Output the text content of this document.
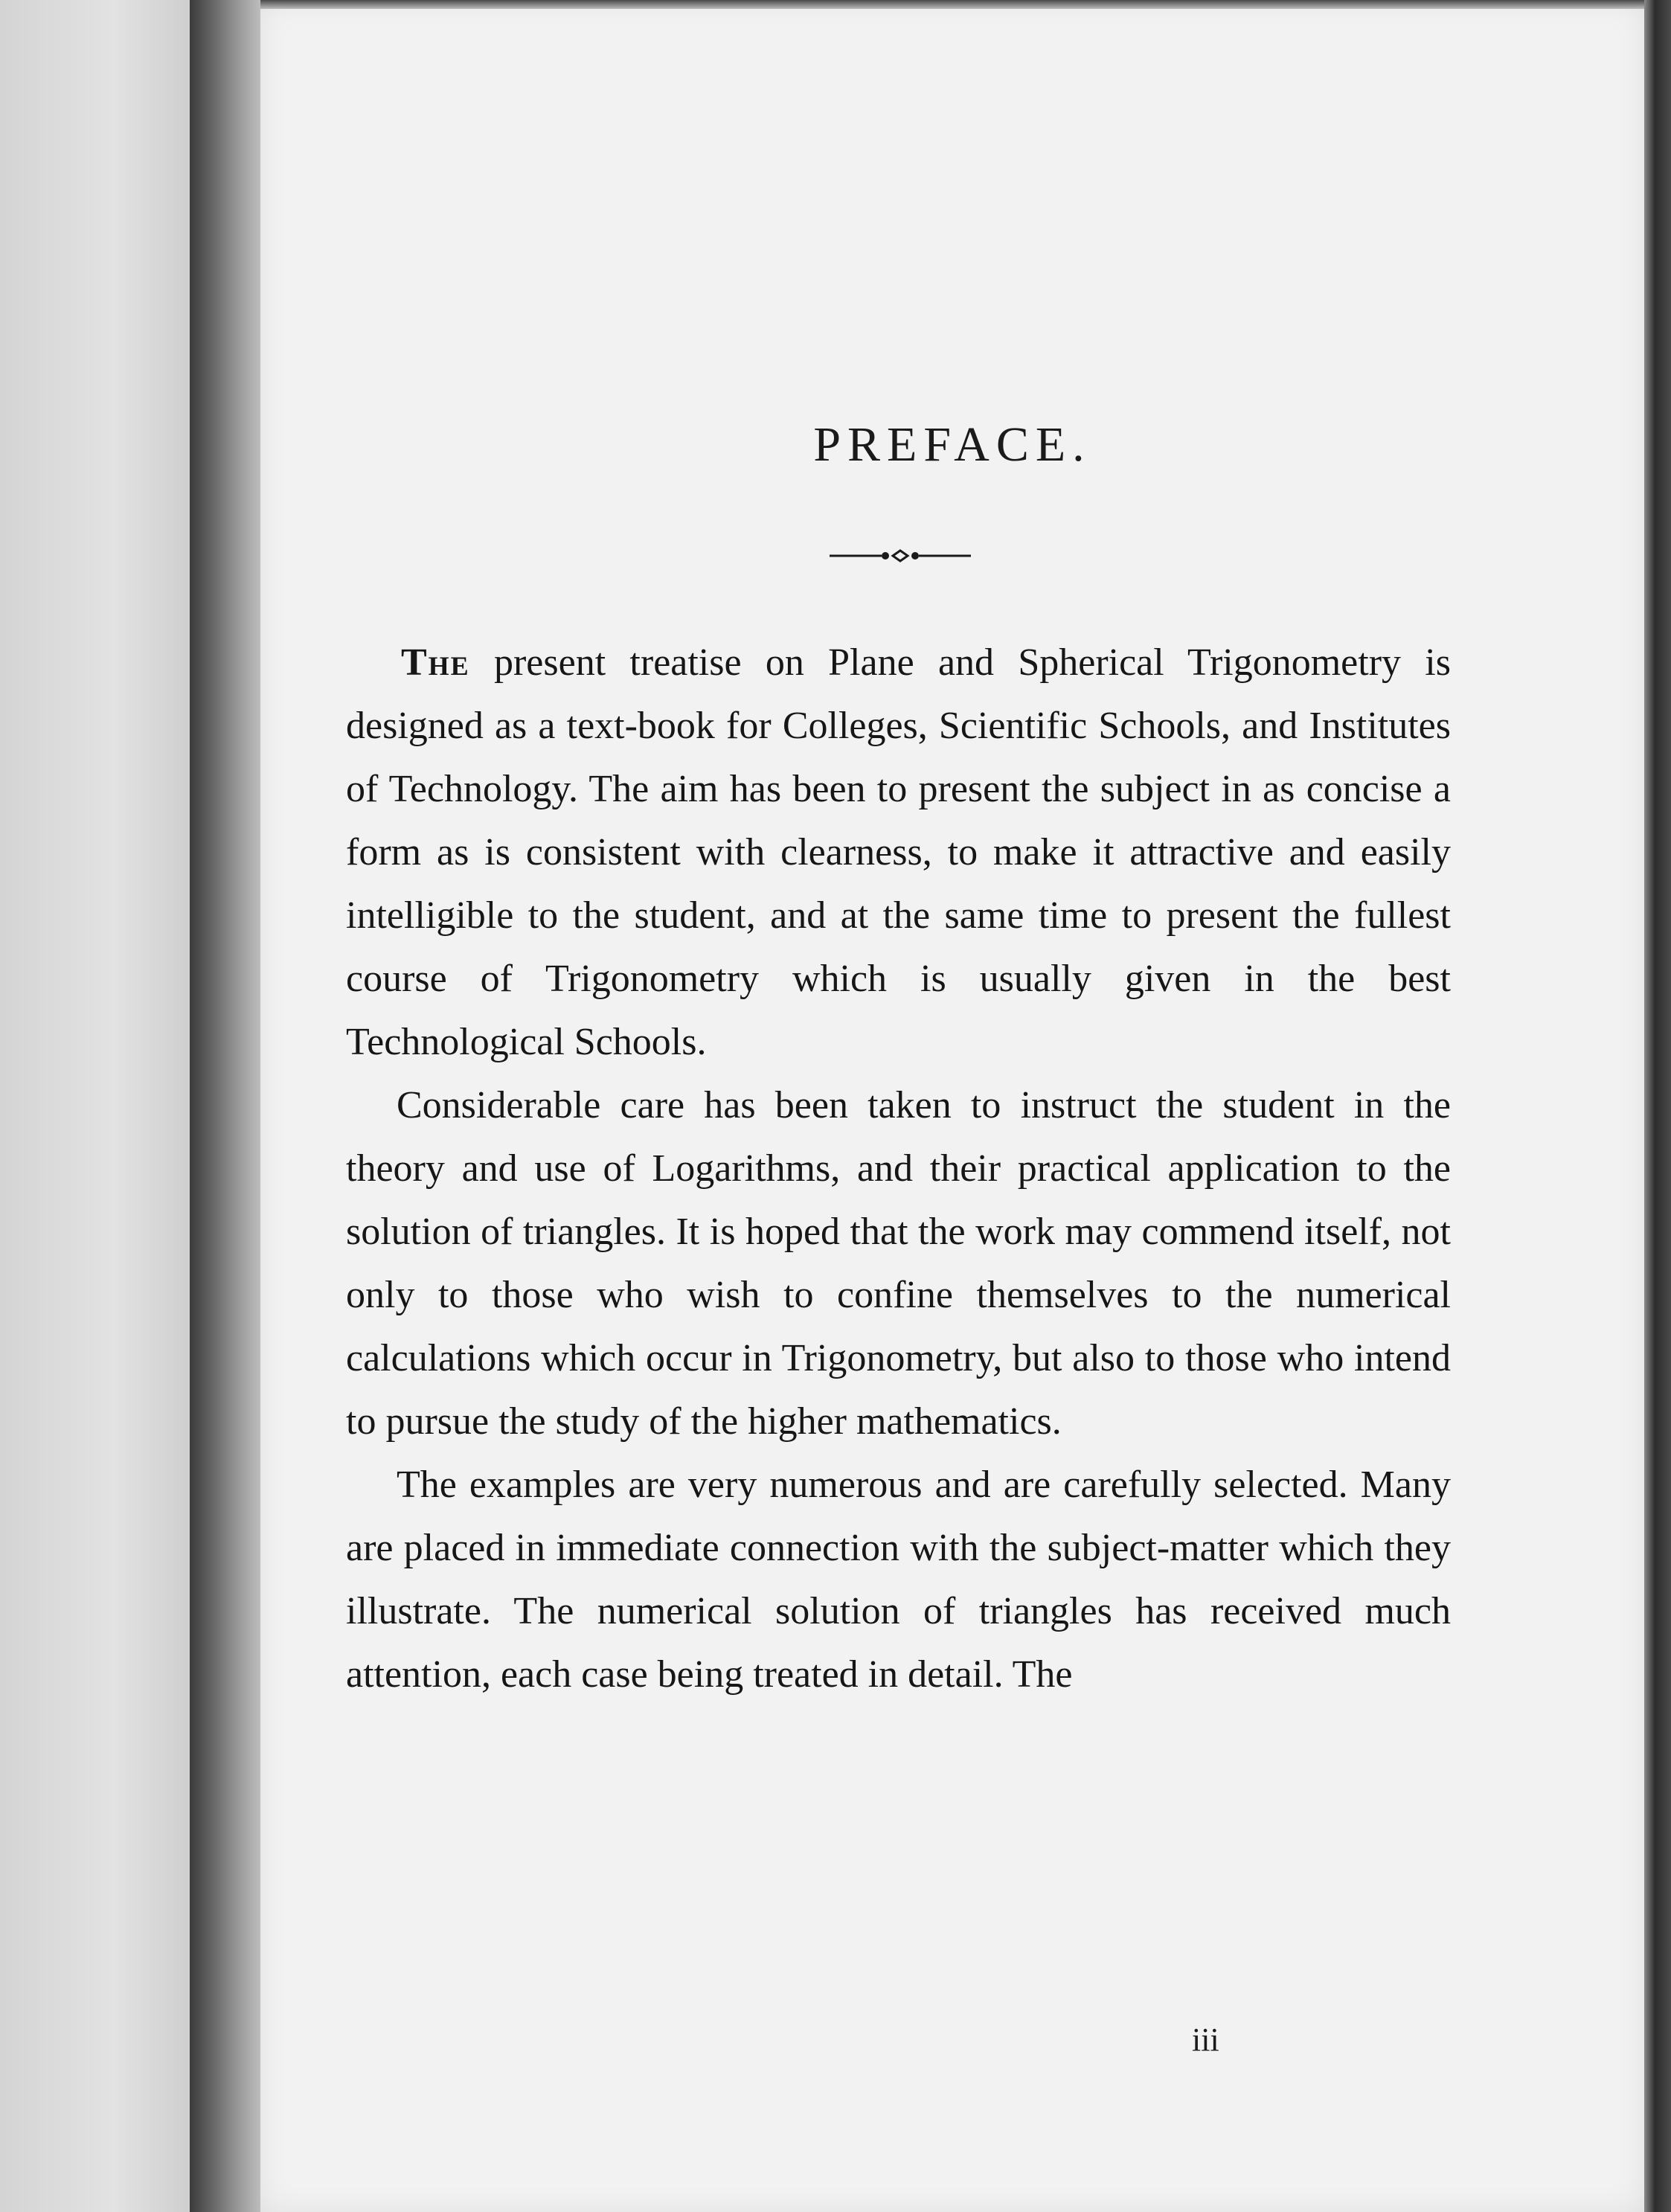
PREFACE.

The present treatise on Plane and Spherical Trigonometry is designed as a text-book for Colleges, Scientific Schools, and Institutes of Technology. The aim has been to present the subject in as concise a form as is consistent with clearness, to make it attractive and easily intelligible to the student, and at the same time to present the fullest course of Trigonometry which is usually given in the best Technological Schools.

Considerable care has been taken to instruct the student in the theory and use of Logarithms, and their practical application to the solution of triangles. It is hoped that the work may commend itself, not only to those who wish to confine themselves to the numerical calculations which occur in Trigonometry, but also to those who intend to pursue the study of the higher mathematics.

The examples are very numerous and are carefully selected. Many are placed in immediate connection with the subject-matter which they illustrate. The numerical solution of triangles has received much attention, each case being treated in detail. The

iii
